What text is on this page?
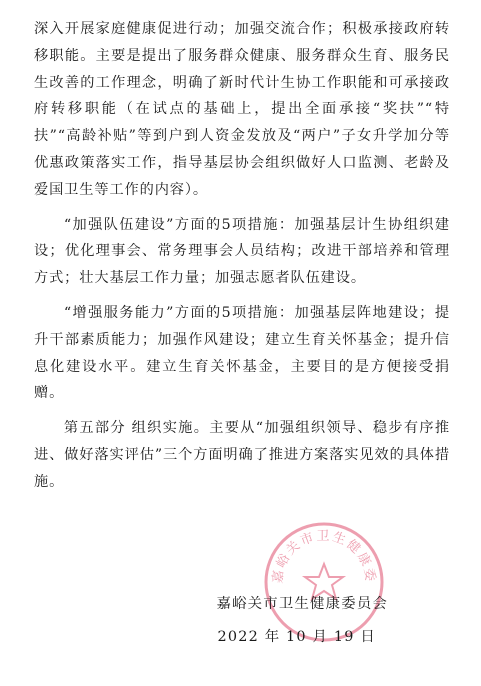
深入开展家庭健康促进行动；加强交流合作；积极承接政府转移职能。主要是提出了服务群众健康、服务群众生育、服务民生改善的工作理念，明确了新时代计生协工作职能和可承接政府转移职能（在试点的基础上，提出全面承接“奖扶”“特扶”“高龄补贴”等到户到人资金发放及“两户”子女升学加分等优惠政策落实工作，指导基层协会组织做好人口监测、老龄及爱国卫生等工作的内容）。

“加强队伍建设”方面的5项措施：加强基层计生协组织建设；优化理事会、常务理事会人员结构；改进干部培养和管理方式；壮大基层工作力量；加强志愿者队伍建设。

“增强服务能力”方面的5项措施：加强基层阵地建设；提升干部素质能力；加强作风建设；建立生育关怀基金；提升信息化建设水平。建立生育关怀基金，主要目的是方便接受捐赠。

第五部分 组织实施。主要从“加强组织领导、稳步有序推进、做好落实评估”三个方面明确了推进方案落实见效的具体措施。

嘉峪关市卫生健康委
嘉峪关市卫生健康委员会
2022 年 10 月 19 日
